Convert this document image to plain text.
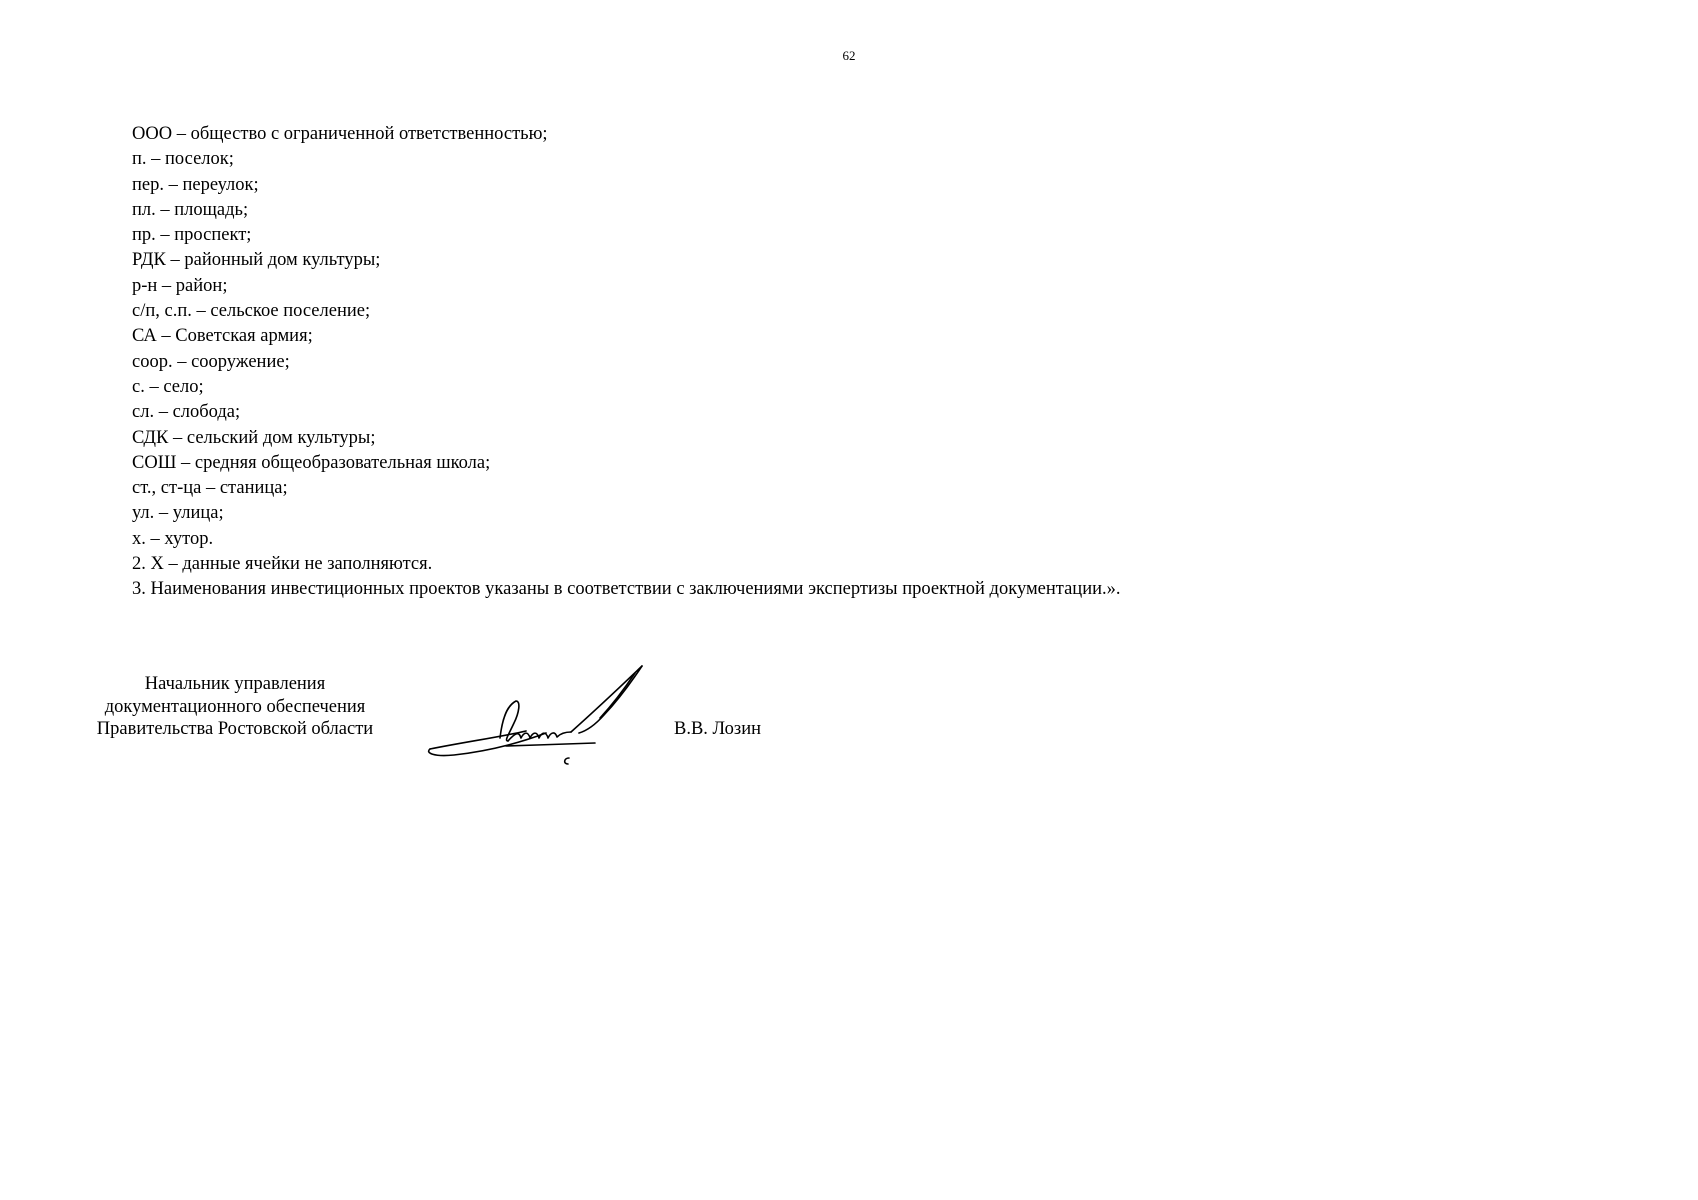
62
ООО – общество с ограниченной ответственностью;
п. – поселок;
пер. – переулок;
пл. – площадь;
пр. – проспект;
РДК – районный дом культуры;
р-н – район;
с/п, с.п. – сельское поселение;
СА – Советская армия;
соор. – сооружение;
с. – село;
сл. – слобода;
СДК – сельский дом культуры;
СОШ – средняя общеобразовательная школа;
ст., ст-ца – станица;
ул. – улица;
х. – хутор.
2. Х – данные ячейки не заполняются.
3. Наименования инвестиционных проектов указаны в соответствии с заключениями экспертизы проектной документации.».
Начальник управления
документационного обеспечения
Правительства Ростовской области	В.В. Лозин
